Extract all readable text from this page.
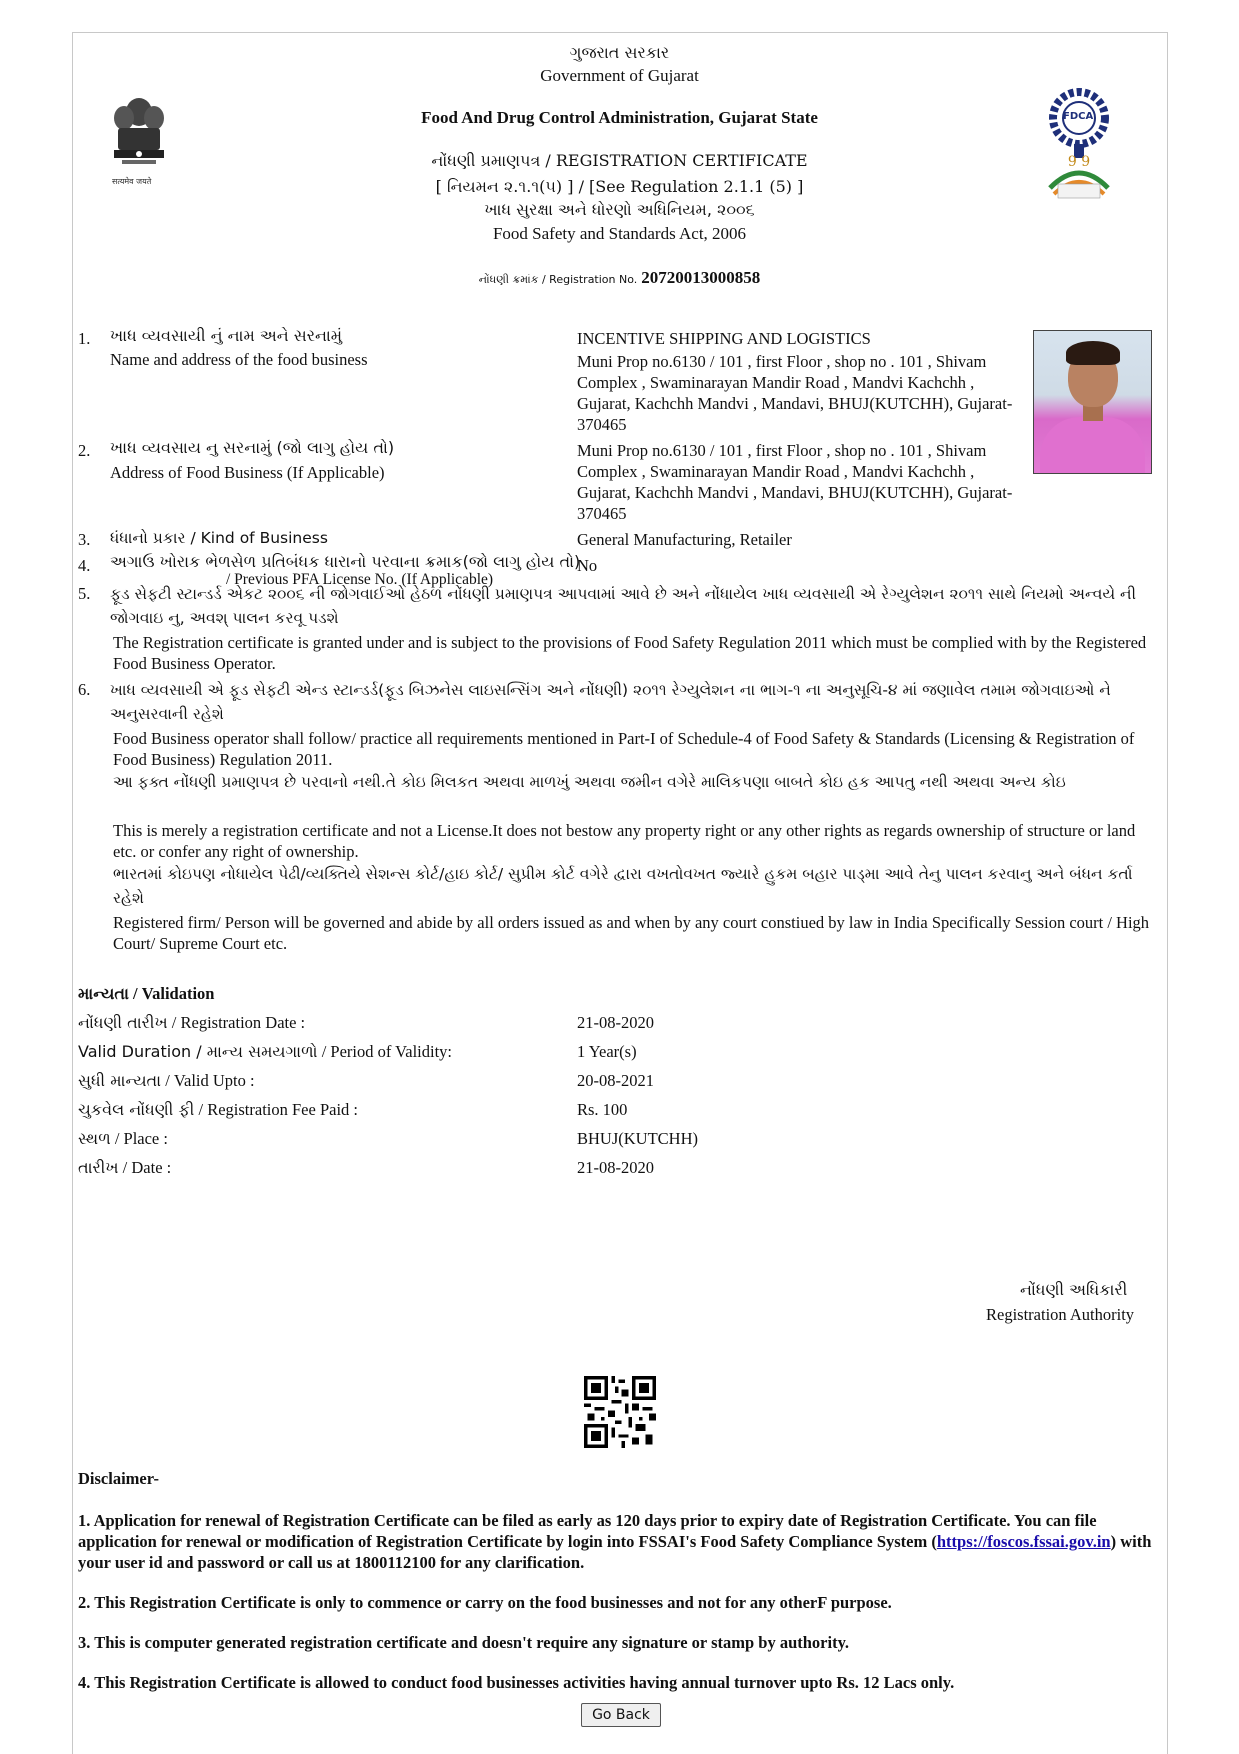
सत्यमेव जयते
9 9
FDCA
ગુજરાત સરકાર
Government of Gujarat
Food And Drug Control Administration, Gujarat State
નોંધણી પ્રમાણપત્ર / REGISTRATION CERTIFICATE
[ નિયમન ૨.૧.૧(૫) ] / [See Regulation 2.1.1 (5) ]
ખાધ સુરક્ષા અને ધોરણો અધિનિયમ, ૨૦૦૬
Food Safety and Standards Act, 2006
નોંધણી ક્રમાંક / Registration No. 20720013000858
1. ખાધ વ્યવસાયી નું નામ અને સરનામું
Name and address of the food business
INCENTIVE SHIPPING AND LOGISTICS
Muni Prop no.6130 / 101 , first Floor , shop no . 101 , Shivam Complex , Swaminarayan Mandir Road , Mandvi Kachchh , Gujarat, Kachchh Mandvi , Mandavi, BHUJ(KUTCHH), Gujarat-370465
2. ખાધ વ્યવસાય નુ સરનામું (જો લાગુ હોય તો)
Address of Food Business (If Applicable)
Muni Prop no.6130 / 101 , first Floor , shop no . 101 , Shivam Complex , Swaminarayan Mandir Road , Mandvi Kachchh , Gujarat, Kachchh Mandvi , Mandavi, BHUJ(KUTCHH), Gujarat-370465
3. ધંધાનો પ્રકાર / Kind of Business	General Manufacturing, Retailer
4. અગાઉ ખોરાક ભેળસેળ પ્રતિબંધક ધારાનો પરવાના ક્રમાક(જો લાગુ હોય તો)
/ Previous PFA License No. (If Applicable)
No
5. ફૂડ સેફટી સ્ટાન્ડર્ડ એકટ ૨૦૦૬ ની જોગવાઈઓ હેઠળ નોંધણી પ્રમાણપત્ર આપવામાં આવે છે અને નોંધાયેલ ખાધ વ્યવસાયી એ રેગ્યુલેશન ૨૦૧૧ સાથે નિયમો અન્વયે ની જોગવાઇ નુ, અવશ્ પાલન કરવૂ પડશે
The Registration certificate is granted under and is subject to the provisions of Food Safety Regulation 2011 which must be complied with by the Registered Food Business Operator.
6. ખાધ વ્યવસાયી એ ફૂડ સેફટી એન્ડ સ્ટાન્ડર્ડ(ફૂડ બિઝનેસ લાઇસન્સિંગ અને નોંધણી) ૨૦૧૧ રેગ્યુલેશન ના ભાગ-૧ ના અનુસૂચિ-૪ માં જણાવેલ તમામ જોગવાઇઓ ને અનુસરવાની રહેશે
Food Business operator shall follow/ practice all requirements mentioned in Part-I of Schedule-4 of Food Safety & Standards (Licensing & Registration of Food Business) Regulation 2011.
આ ફક્ત નોંધણી પ્રમાણપત્ર છે પરવાનો નથી.તે કોઇ મિલકત અથવા માળખું અથવા જમીન વગેરે માલિકપણા બાબતે કોઇ હક આપતુ નથી અથવા અન્ય કોઇ
This is merely a registration certificate and not a License.It does not bestow any property right or any other rights as regards ownership of structure or land etc. or confer any right of ownership.
ભારતમાં કોઇપણ નોધાયેલ પેઢી/વ્યક્તિયે સેશન્સ કોર્ટ/હાઇ કોર્ટ/ સુપ્રીમ કોર્ટ વગેરે દ્વારા વખતોવખત જ્યારે હુકમ બહાર પાડ્મા આવે તેનુ પાલન કરવાનુ અને બંધન કર્તા રહેશે
Registered firm/ Person will be governed and abide by all orders issued as and when by any court constiued by law in India Specifically Session court / High Court/ Supreme Court etc.
માન્યતા / Validation
નોંધણી તારીખ / Registration Date :	21-08-2020
Valid Duration / માન્ય સમયગાળો / Period of Validity:	1 Year(s)
સુધી માન્યતા / Valid Upto :	20-08-2021
ચુકવેલ નોંધણી ફી / Registration Fee Paid :	Rs. 100
સ્થળ / Place :	BHUJ(KUTCHH)
તારીખ / Date :	21-08-2020
નોંધણી અધિકારી
Registration Authority
Disclaimer-
1. Application for renewal of Registration Certificate can be filed as early as 120 days prior to expiry date of Registration Certificate. You can file application for renewal or modification of Registration Certificate by login into FSSAI's Food Safety Compliance System (https://foscos.fssai.gov.in) with your user id and password or call us at 1800112100 for any clarification.
2. This Registration Certificate is only to commence or carry on the food businesses and not for any otherF purpose.
3. This is computer generated registration certificate and doesn't require any signature or stamp by authority.
4. This Registration Certificate is allowed to conduct food businesses activities having annual turnover upto Rs. 12 Lacs only.
Go Back
